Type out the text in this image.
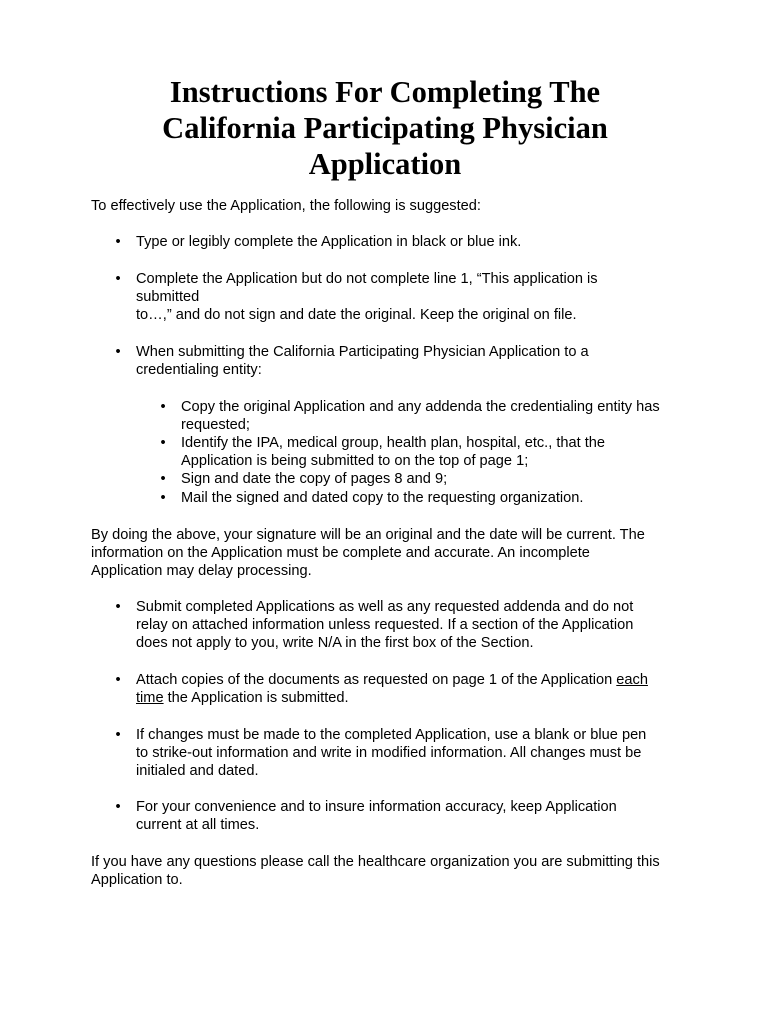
Instructions For Completing The
California Participating Physician
Application

To effectively use the Application, the following is suggested:

• Type or legibly complete the Application in black or blue ink.
• Complete the Application but do not complete line 1, “This application is
submitted
to…,” and do not sign and date the original. Keep the original on file.
• When submitting the California Participating Physician Application to a
credentialing entity:
• Copy the original Application and any addenda the credentialing entity has
requested;
• Identify the IPA, medical group, health plan, hospital, etc., that the
Application is being submitted to on the top of page 1;
• Sign and date the copy of pages 8 and 9;
• Mail the signed and dated copy to the requesting organization.

By doing the above, your signature will be an original and the date will be current. The
information on the Application must be complete and accurate. An incomplete
Application may delay processing.

• Submit completed Applications as well as any requested addenda and do not
relay on attached information unless requested. If a section of the Application
does not apply to you, write N/A in the first box of the Section.
• Attach copies of the documents as requested on page 1 of the Application each
time the Application is submitted.
• If changes must be made to the completed Application, use a blank or blue pen
to strike-out information and write in modified information. All changes must be
initialed and dated.
• For your convenience and to insure information accuracy, keep Application
current at all times.

If you have any questions please call the healthcare organization you are submitting this
Application to.
